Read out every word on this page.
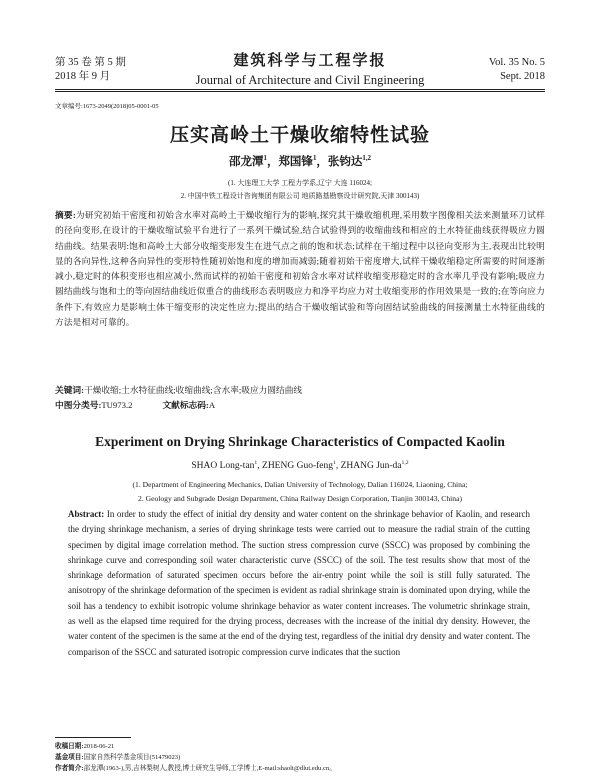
第 35 卷 第 5 期
2018 年 9 月
建筑科学与工程学报
Journal of Architecture and Civil Engineering
Vol. 35 No. 5
Sept. 2018
文章编号:1673-2049(2018)05-0001-05
压实高岭土干燥收缩特性试验
邵龙潭$^1$，郑国锋$^1$，张钧达$^{1,2}$
(1. 大连理工大学 工程力学系,辽宁 大连 116024;
2. 中国中铁工程设计咨询集团有限公司 地质路基勘察设计研究院,天津 300143)
摘要:为研究初始干密度和初始含水率对高岭土干燥收缩行为的影响,探究其干燥收缩机理,采用数字图像相关法来测量环刀试样的径向变形,在设计的干燥收缩试验平台进行了一系列干燥试验,结合试验得到的收缩曲线和相应的土水特征曲线获得吸应力圆结曲线。结果表明:饱和高岭土大部分收缩变形发生在进气点之前的饱和状态;试样在干缩过程中以径向变形为主,表现出比较明显的各向异性,这种各向异性的变形特性随初始饱和度的增加而减弱;随着初始干密度增大,试样干燥收缩稳定所需要的时间逐渐减小,稳定时的体积变形也相应减小,然而试样的初始干密度和初始含水率对试样收缩变形稳定时的含水率几乎没有影响;吸应力圆结曲线与饱和土的等向固结曲线近似重合的曲线形态表明吸应力和净平均应力对土收缩变形的作用效果是一致的;在等向应力条件下,有效应力是影响土体干缩变形的决定性应力;提出的结合干燥收缩试验和等向固结试验曲线的间接测量土水特征曲线的方法是相对可靠的。
关键词:干燥收缩;土水特征曲线;收缩曲线;含水率;吸应力圆结曲线
中图分类号:TU973.2	文献标志码:A
Experiment on Drying Shrinkage Characteristics of Compacted Kaolin
SHAO Long-$\tan^1$, ZHENG Guo-feng$^1$, ZHANG Jun-da$^{1,2}$
(1. Department of Engineering Mechanics, Dalian University of Technology, Dalian 116024, Liaoning, China;
2. Geology and Subgrade Design Department, China Railway Design Corporation, Tianjin 300143, China)
Abstract: In order to study the effect of initial dry density and water content on the shrinkage behavior of Kaolin, and research the drying shrinkage mechanism, a series of drying shrinkage tests were carried out to measure the radial strain of the cutting specimen by digital image correlation method. The suction stress compression curve (SSCC) was proposed by combining the shrinkage curve and corresponding soil water characteristic curve (SSCC) of the soil. The test results show that most of the shrinkage deformation of saturated specimen occurs before the air-entry point while the soil is still fully saturated. The anisotropy of the shrinkage deformation of the specimen is evident as radial shrinkage strain is dominated upon drying, while the soil has a tendency to exhibit isotropic volume shrinkage behavior as water content increases. The volumetric shrinkage strain, as well as the elapsed time required for the drying process, decreases with the increase of the initial dry density. However, the water content of the specimen is the same at the end of the drying test, regardless of the initial dry density and water content. The comparison of the SSCC and saturated isotropic compression curve indicates that the suction
收稿日期:2018-06-21
基金项目:国家自然科学基金项目(51479023)
作者简介:邵龙潭(1963-),男,吉林梨树人,教授,博士研究生导师,工学博士,E-mail:shaolt@dlut.edu.cn。
